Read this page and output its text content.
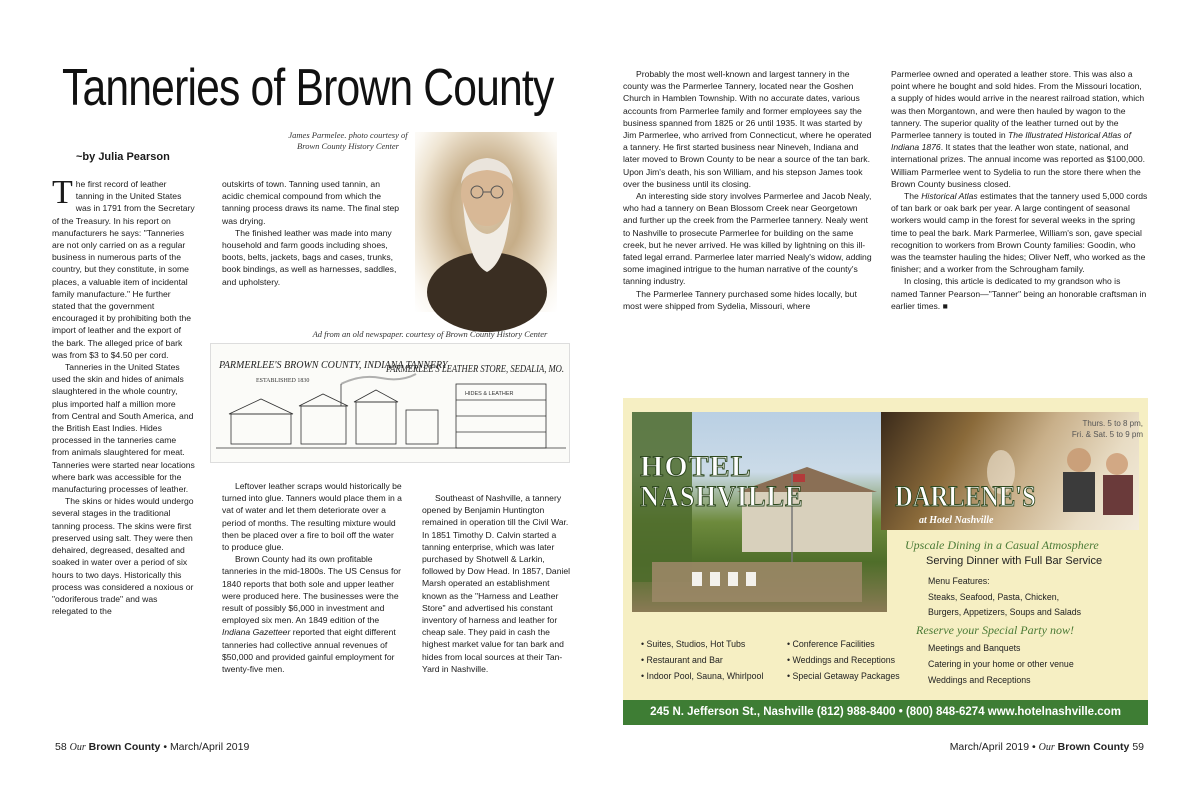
Tanneries of Brown County
~by Julia Pearson
James Parmelee. photo courtesy of
Brown County History Center

The first record of leather tanning in the United States was in 1791 from the Secretary of the Treasury. In his report on manufacturers he says: "Tanneries are not only carried on as a regular business in numerous parts of the country, but they constitute, in some places, a valuable item of incidental family manufacture." He further stated that the government encouraged it by prohibiting both the import of leather and the export of the bark. The alleged price of bark was from $3 to $4.50 per cord.

Tanneries in the United States used the skin and hides of animals slaughtered in the whole country, plus imported half a million more from Central and South America, and the British East Indies. Hides processed in the tanneries came from animals slaughtered for meat. Tanneries were started near locations where bark was accessible for the manufacturing processes of leather.

The skins or hides would undergo several stages in the traditional tanning process. The skins were first preserved using salt. They were then dehaired, degreased, desalted and soaked in water over a period of six hours to two days. Historically this process was considered a noxious or "odoriferous trade" and was relegated to the

outskirts of town. Tanning used tannin, an acidic chemical compound from which the tanning process draws its name. The final step was drying.

The finished leather was made into many household and farm goods including shoes, boots, belts, jackets, bags and cases, trunks, book bindings, as well as harnesses, saddles, and upholstery.

Ad from an old newspaper. courtesy of Brown County History Center
PARMERLEE'S BROWN COUNTY, INDIANA TANNERY
ESTABLISHED 1830
PARMERLEE'S LEATHER STORE, SEDALIA, MO.
HIDES & LEATHER

Leftover leather scraps would historically be turned into glue. Tanners would place them in a vat of water and let them deteriorate over a period of months. The resulting mixture would then be placed over a fire to boil off the water to produce glue.

Brown County had its own profitable tanneries in the mid-1800s. The US Census for 1840 reports that both sole and upper leather were produced here. The businesses were the result of possibly $6,000 in investment and employed six men. An 1849 edition of the Indiana Gazetteer reported that eight different tanneries had collective annual revenues of $50,000 and provided gainful employment for twenty-five men.

Southeast of Nashville, a tannery opened by Benjamin Huntington remained in operation till the Civil War. In 1851 Timothy D. Calvin started a tanning enterprise, which was later purchased by Shotwell & Larkin, followed by Dow Head. In 1857, Daniel Marsh operated an establishment known as the "Harness and Leather Store" and advertised his constant inventory of harness and leather for cheap sale. They paid in cash the highest market value for tan bark and hides from local sources at their Tan-Yard in Nashville.

Probably the most well-known and largest tannery in the county was the Parmerlee Tannery, located near the Goshen Church in Hamblen Township. With no accurate dates, various accounts from Parmerlee family and former employees say the business spanned from 1825 or 26 until 1935. It was started by Jim Parmerlee, who arrived from Connecticut, where he operated a tannery. He first started business near Nineveh, Indiana and later moved to Brown County to be near a source of the tan bark. Upon Jim's death, his son William, and his stepson James took over the business until its closing.

An interesting side story involves Parmerlee and Jacob Nealy, who had a tannery on Bean Blossom Creek near Georgetown and further up the creek from the Parmerlee tannery. Nealy went to Nashville to prosecute Parmerlee for building on the same creek, but he never arrived. He was killed by lightning on this ill-fated legal errand. Parmerlee later married Nealy's widow, adding some imagined intrigue to the human narrative of the county's tanning industry.

The Parmerlee Tannery purchased some hides locally, but most were shipped from Sydelia, Missouri, where

Parmerlee owned and operated a leather store. This was also a point where he bought and sold hides. From the Missouri location, a supply of hides would arrive in the nearest railroad station, which was then Morgantown, and were then hauled by wagon to the tannery. The superior quality of the leather turned out by the Parmerlee tannery is touted in The Illustrated Historical Atlas of Indiana 1876. It states that the leather won state, national, and international prizes. The annual income was reported as $100,000. William Parmerlee went to Sydelia to run the store there when the Brown County business closed.

The Historical Atlas estimates that the tannery used 5,000 cords of tan bark or oak bark per year. A large contingent of seasonal workers would camp in the forest for several weeks in the spring time to peal the bark. Mark Parmerlee, William's son, gave special recognition to workers from Brown County families: Goodin, who was the teamster hauling the hides; Oliver Neff, who worked as the finisher; and a worker from the Schrougham family.

In closing, this article is dedicated to my grandson who is named Tanner Pearson—"Tanner" being an honorable craftsman in earlier times. ■

HOTEL
NASHVILLE
Thurs. 5 to 8 pm,
Fri. & Sat. 5 to 9 pm
DARLENE'S
at Hotel Nashville
Upscale Dining in a Casual Atmosphere
Serving Dinner with Full Bar Service
Menu Features:
Steaks, Seafood, Pasta, Chicken,
Burgers, Appetizers, Soups and Salads
Reserve your Special Party now!
Meetings and Banquets
Catering in your home or other venue
Weddings and Receptions
• Suites, Studios, Hot Tubs
• Restaurant and Bar
• Indoor Pool, Sauna, Whirlpool
• Conference Facilities
• Weddings and Receptions
• Special Getaway Packages
245 N. Jefferson St., Nashville (812) 988-8400 • (800) 848-6274 www.hotelnashville.com
58 Our Brown County • March/April 2019	March/April 2019 • Our Brown County 59
